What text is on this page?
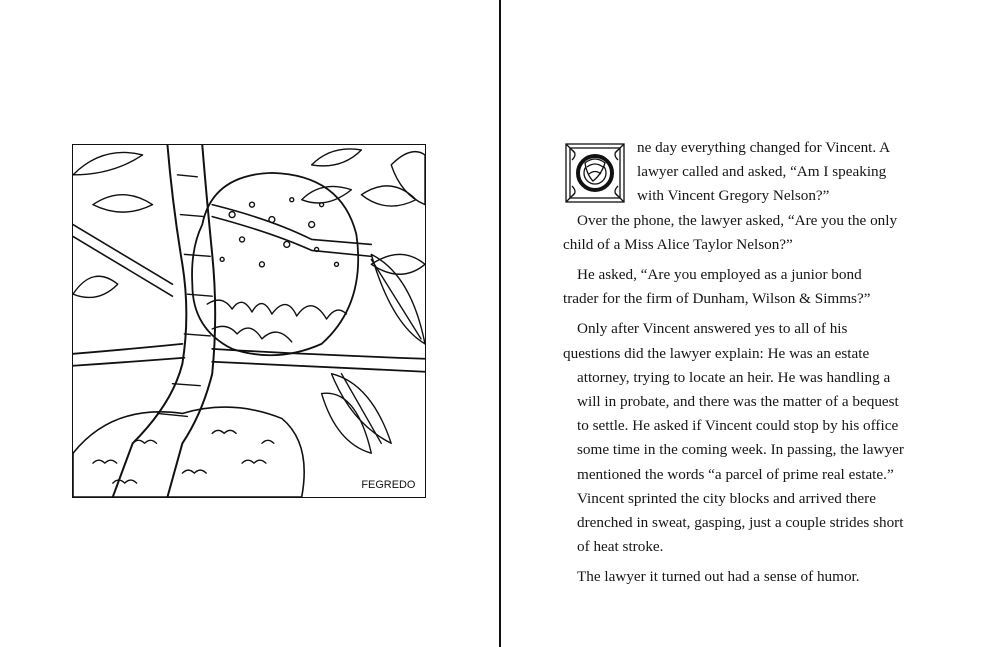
FEGREDO

ne day everything changed for Vincent. A
lawyer called and asked, “Am I speaking
with Vincent Gregory Nelson?”

Over the phone, the lawyer asked, “Are you the only
child of a Miss Alice Taylor Nelson?”

He asked, “Are you employed as a junior bond
trader for the firm of Dunham, Wilson & Simms?”

Only after Vincent answered yes to all of his
questions did the lawyer explain: He was an estate
attorney, trying to locate an heir. He was handling a
will in probate, and there was the matter of a bequest
to settle. He asked if Vincent could stop by his office
some time in the coming week. In passing, the lawyer
mentioned the words “a parcel of prime real estate.”
Vincent sprinted the city blocks and arrived there
drenched in sweat, gasping, just a couple strides short
of heat stroke.

The lawyer it turned out had a sense of humor.
